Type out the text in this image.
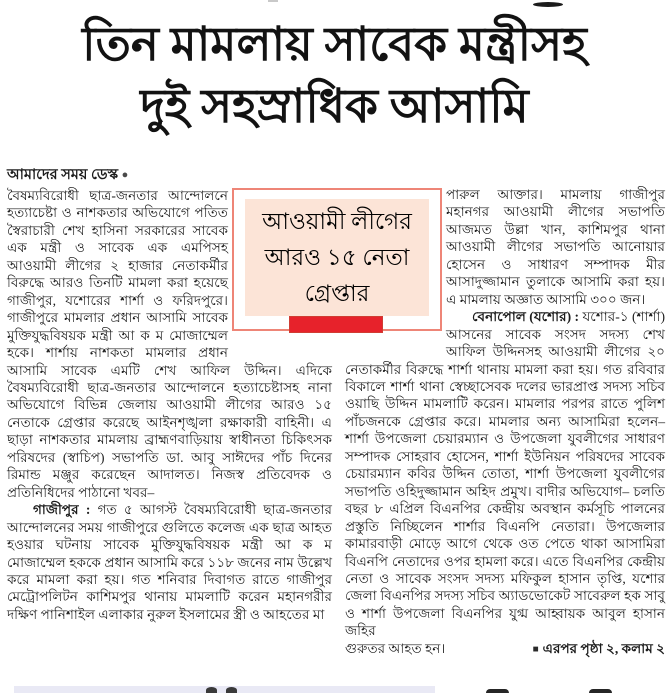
তিন মামলায় সাবেক মন্ত্রীসহ
দুই সহস্রাধিক আসামি
আমাদের সময় ডেস্ক ●

বৈষম্যবিরোধী ছাত্র-জনতার আন্দোলনে হত্যাচেষ্টা ও নাশকতার অভিযোগে পতিত স্বৈরাচারী শেখ হাসিনা সরকারের সাবেক এক মন্ত্রী ও সাবেক এক এমপিসহ আওয়ামী লীগের ২ হাজার নেতাকর্মীর বিরুদ্ধে আরও তিনটি মামলা করা হয়েছে গাজীপুর, যশোরের শার্শা ও ফরিদপুরে। গাজীপুরে মামলার প্রধান আসামি সাবেক মুক্তিযুদ্ধবিষয়ক মন্ত্রী আ ক ম মোজাম্মেল হকে। শার্শায় নাশকতা মামলার প্রধান আসামি সাবেক এমটি শেখ আফিল উদ্দিন। এদিকে বৈষম্যবিরোধী ছাত্র-জনতার আন্দোলনে হত্যাচেষ্টাসহ নানা অভিযোগে বিভিন্ন জেলায় আওয়ামী লীগের আরও ১৫ নেতাকে গ্রেপ্তার করেছে আইনশৃঙ্খলা রক্ষাকারী বাহিনী। এ ছাড়া নাশকতার মামলায় ব্রাহ্মণবাড়িয়ায় স্বাধীনতা চিকিৎসক পরিষদের (স্বাচিপ) সভাপতি ডা. আবু সাঈদের পাঁচ দিনের রিমান্ড মঞ্জুর করেছেন আদালত। নিজস্ব প্রতিবেদক ও প্রতিনিধিদের পাঠানো খবর–

গাজীপুর : গত ৫ আগস্ট বৈষম্যবিরোধী ছাত্র-জনতার আন্দোলনের সময় গাজীপুরে গুলিতে কলেজ এক ছাত্র আহত হওয়ার ঘটনায় সাবেক মুক্তিযুদ্ধবিষয়ক মন্ত্রী আ ক ম মোজাম্মেল হককে প্রধান আসামি করে ১১৮ জনের নাম উল্লেখ করে মামলা করা হয়। গত শনিবার দিবাগত রাতে গাজীপুর মেট্রোপলিটন কাশিমপুর থানায় মামলাটি করেন মহানগরীর দক্ষিণ পানিশাইল এলাকার নুরুল ইসলামের স্ত্রী ও আহতের মা

পারুল আক্তার। মামলায় গাজীপুর মহানগর আওয়ামী লীগের সভাপতি আজমত উল্লা খান, কাশিমপুর থানা আওয়ামী লীগের সভাপতি আনোয়ার হোসেন ও সাধারণ সম্পাদক মীর আসাদুজ্জামান তুলাকে আসামি করা হয়। এ মামলায় অজ্ঞাত আসামি ৩০০ জন।

বেনাপোল (যশোর) : যশোর-১ (শার্শা) আসনের সাবেক সংসদ সদস্য শেখ আফিল উদ্দিনসহ আওয়ামী লীগের ২০ নেতাকর্মীর বিরুদ্ধে শার্শা থানায় মামলা করা হয়। গত রবিবার বিকালে শার্শা থানা স্বেচ্ছাসেবক দলের ভারপ্রাপ্ত সদস্য সচিব ওয়াছি উদ্দিন মামলাটি করেন। মামলার পরপর রাতে পুলিশ পাঁচজনকে গ্রেপ্তার করে। মামলার অন্য আসামিরা হলেন– শার্শা উপজেলা চেয়ারম্যান ও উপজেলা যুবলীগের সাধারণ সম্পাদক সোহরাব হোসেন, শার্শা ইউনিয়ন পরিষদের সাবেক চেয়ারম্যান কবির উদ্দিন তোতা, শার্শা উপজেলা যুবলীগের সভাপতি ওহিদুজ্জামান অহিদ প্রমুখ। বাদীর অভিযোগ– চলতি বছর ৮ এপ্রিল বিএনপির কেন্দ্রীয় অবস্থান কর্মসূচি পালনের প্রস্তুতি নিচ্ছিলেন শার্শার বিএনপি নেতারা। উপজেলার কামারবাড়ী মোড়ে আগে থেকে ওত পেতে থাকা আসামিরা বিএনপি নেতাদের ওপর হামলা করে। এতে বিএনপির কেন্দ্রীয় নেতা ও সাবেক সংসদ সদস্য মফিকুল হাসান তৃপ্তি, যশোর জেলা বিএনপির সদস্য সচিব অ্যাডভোকেট সাবেরুল হক সাবু ও শার্শা উপজেলা বিএনপির যুগ্ম আহ্বায়ক আবুল হাসান জহির

গুরুতর আহত হন।	■ এরপর পৃষ্ঠা ২, কলাম ২
আওয়ামী লীগের
আরও ১৫ নেতা
গ্রেপ্তার
